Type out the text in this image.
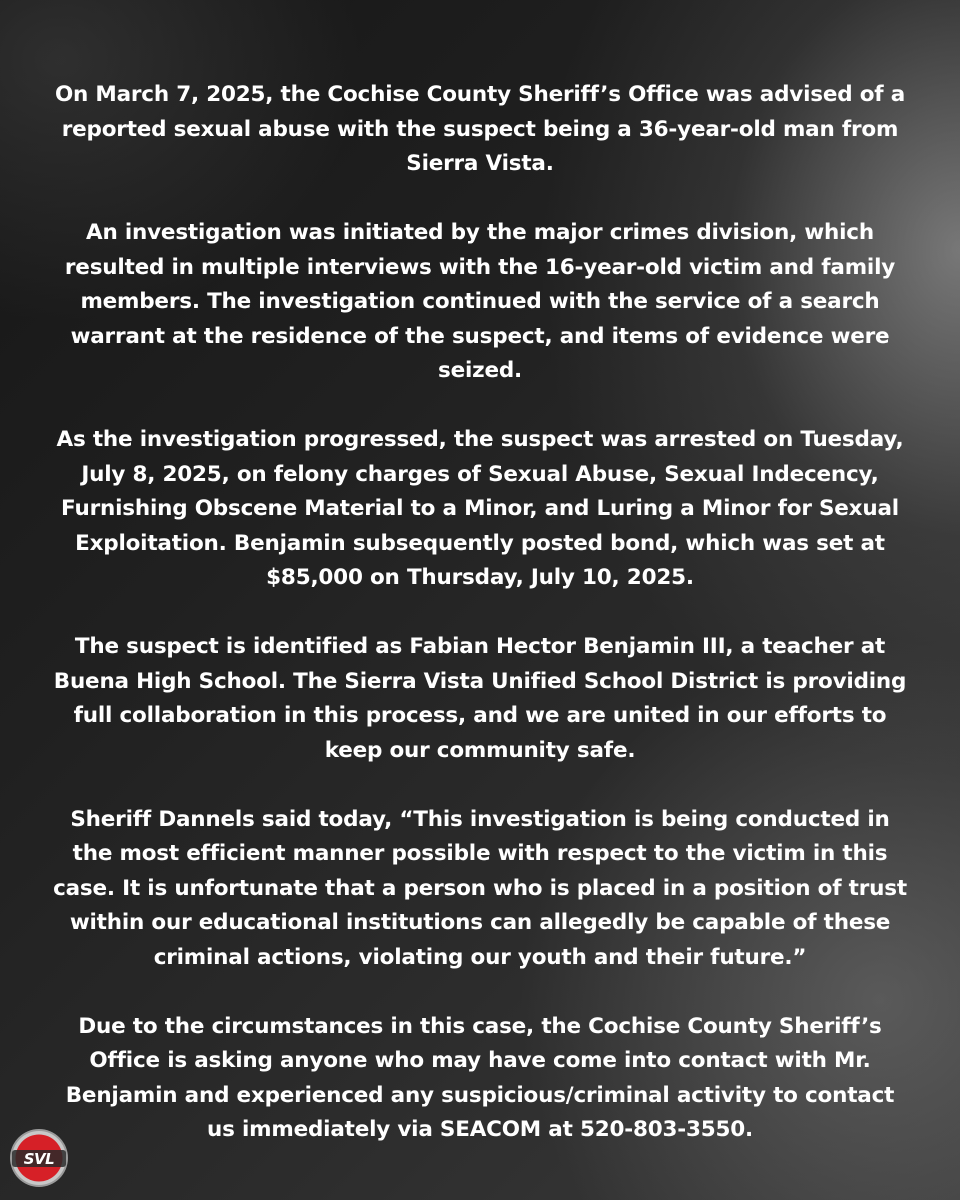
On March 7, 2025, the Cochise County Sheriff’s Office was advised of a reported sexual abuse with the suspect being a 36-year-old man from Sierra Vista.

An investigation was initiated by the major crimes division, which resulted in multiple interviews with the 16-year-old victim and family members. The investigation continued with the service of a search warrant at the residence of the suspect, and items of evidence were seized.

As the investigation progressed, the suspect was arrested on Tuesday, July 8, 2025, on felony charges of Sexual Abuse, Sexual Indecency, Furnishing Obscene Material to a Minor, and Luring a Minor for Sexual Exploitation. Benjamin subsequently posted bond, which was set at $85,000 on Thursday, July 10, 2025.

The suspect is identified as Fabian Hector Benjamin III, a teacher at Buena High School. The Sierra Vista Unified School District is providing full collaboration in this process, and we are united in our efforts to keep our community safe.

Sheriff Dannels said today, “This investigation is being conducted in the most efficient manner possible with respect to the victim in this case. It is unfortunate that a person who is placed in a position of trust within our educational institutions can allegedly be capable of these criminal actions, violating our youth and their future.”

Due to the circumstances in this case, the Cochise County Sheriff’s Office is asking anyone who may have come into contact with Mr. Benjamin and experienced any suspicious/criminal activity to contact us immediately via SEACOM at 520-803-3550.

SVL
